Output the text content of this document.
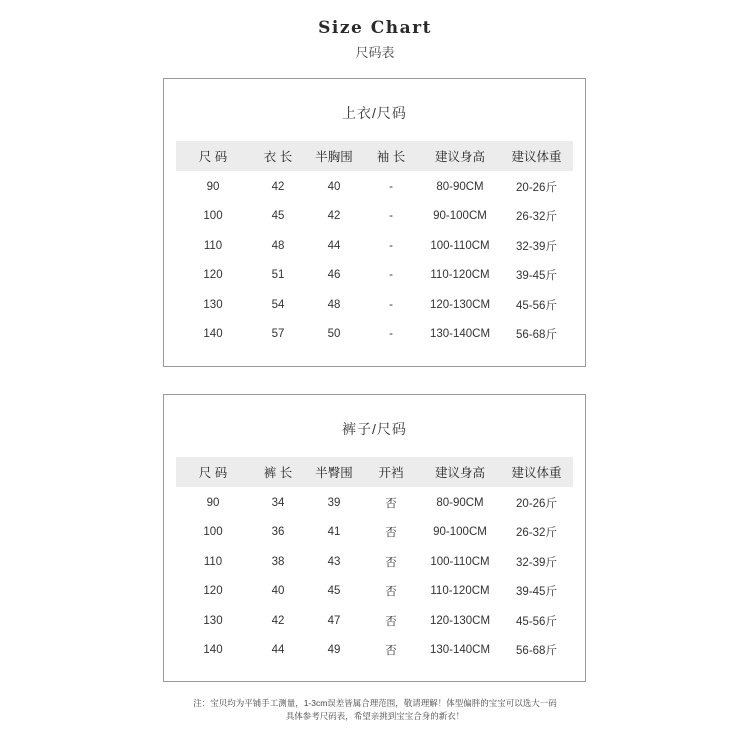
Size Chart
尺码表
上衣/尺码
尺 码	衣 长	半胸围	袖 长	建议身高	建议体重
90	42	40	-	80-90CM	20-26斤
100	45	42	-	90-100CM	26-32斤
110	48	44	-	100-110CM	32-39斤
120	51	46	-	110-120CM	39-45斤
130	54	48	-	120-130CM	45-56斤
140	57	50	-	130-140CM	56-68斤
裤子/尺码
尺 码	裤 长	半臀围	开裆	建议身高	建议体重
90	34	39	否	80-90CM	20-26斤
100	36	41	否	90-100CM	26-32斤
110	38	43	否	100-110CM	32-39斤
120	40	45	否	110-120CM	39-45斤
130	42	47	否	120-130CM	45-56斤
140	44	49	否	130-140CM	56-68斤
注：宝贝均为平铺手工测量，1-3cm误差皆属合理范围，敬请理解！体型偏胖的宝宝可以选大一码
具体参考尺码表，希望亲挑到宝宝合身的新衣！
